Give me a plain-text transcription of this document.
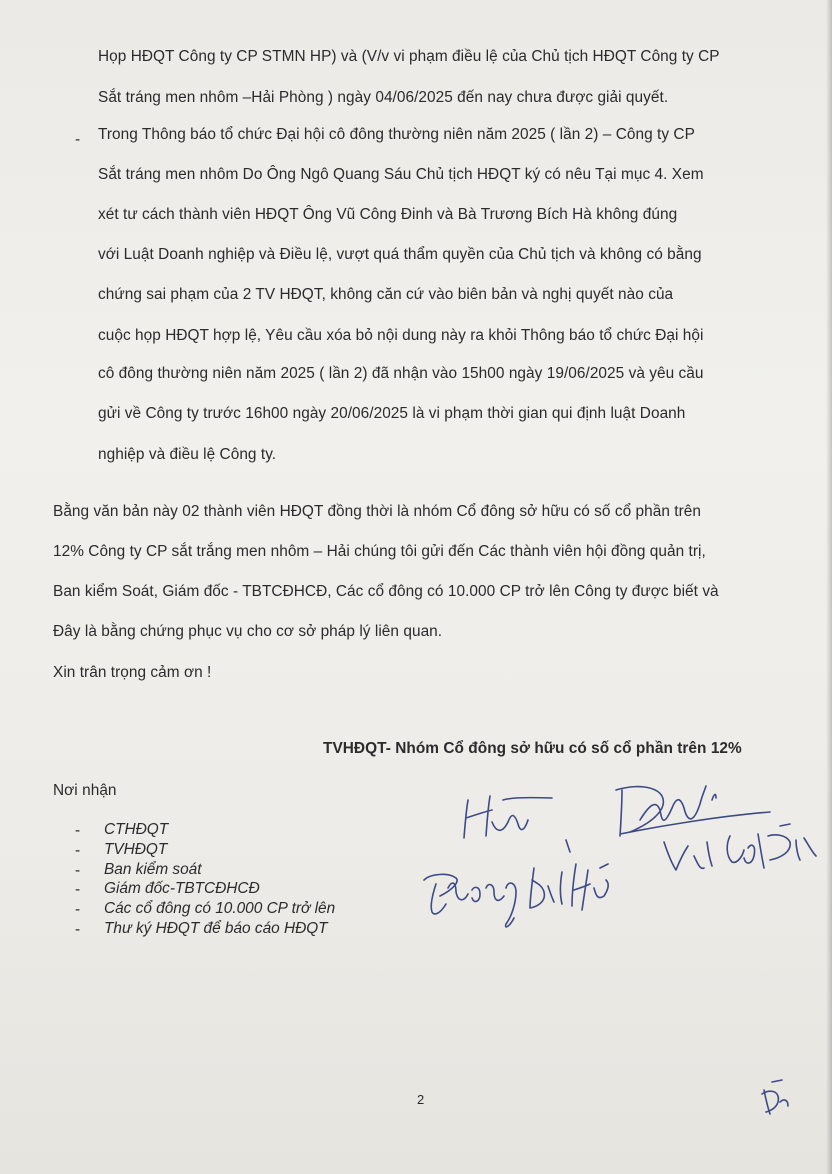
Họp HĐQT Công ty CP STMN HP) và (V/v vi phạm điều lệ của Chủ tịch HĐQT Công ty CP
Sắt tráng men nhôm –Hải Phòng ) ngày 04/06/2025 đến nay chưa được giải quyết.
- Trong Thông báo tổ chức Đại hội cô đông thường niên năm 2025 ( lần 2) – Công ty CP
Sắt tráng men nhôm Do Ông Ngô Quang Sáu Chủ tịch HĐQT ký có nêu Tại mục 4. Xem
xét tư cách thành viên HĐQT Ông Vũ Công Đinh và Bà Trương Bích Hà không đúng
với Luật Doanh nghiệp và Điều lệ, vượt quá thẩm quyền của Chủ tịch và không có bằng
chứng sai phạm của 2 TV HĐQT, không căn cứ vào biên bản và nghị quyết nào của
cuộc họp HĐQT hợp lệ, Yêu cầu xóa bỏ nội dung này ra khỏi Thông báo tổ chức Đại hội
cô đông thường niên năm 2025 ( lần 2) đã nhận vào 15h00 ngày 19/06/2025 và yêu cầu
gửi về Công ty trước 16h00 ngày 20/06/2025 là vi phạm thời gian qui định luật Doanh
nghiệp và điều lệ Công ty.
Bằng văn bản này 02 thành viên HĐQT đồng thời là nhóm Cổ đông sở hữu có số cổ phần trên
12% Công ty CP sắt trắng men nhôm – Hải chúng tôi gửi đến Các thành viên hội đồng quản trị,
Ban kiểm Soát, Giám đốc - TBTCĐHCĐ, Các cổ đông có 10.000 CP trở lên Công ty được biết và
Đây là bằng chứng phục vụ cho cơ sở pháp lý liên quan.
Xin trân trọng cảm ơn !
TVHĐQT- Nhóm Cổ đông sở hữu có số cổ phần trên 12%
Nơi nhận
- CTHĐQT
- TVHĐQT
- Ban kiểm soát
- Giám đốc-TBTCĐHCĐ
- Các cổ đông có 10.000 CP trở lên
- Thư ký HĐQT để báo cáo HĐQT
2
